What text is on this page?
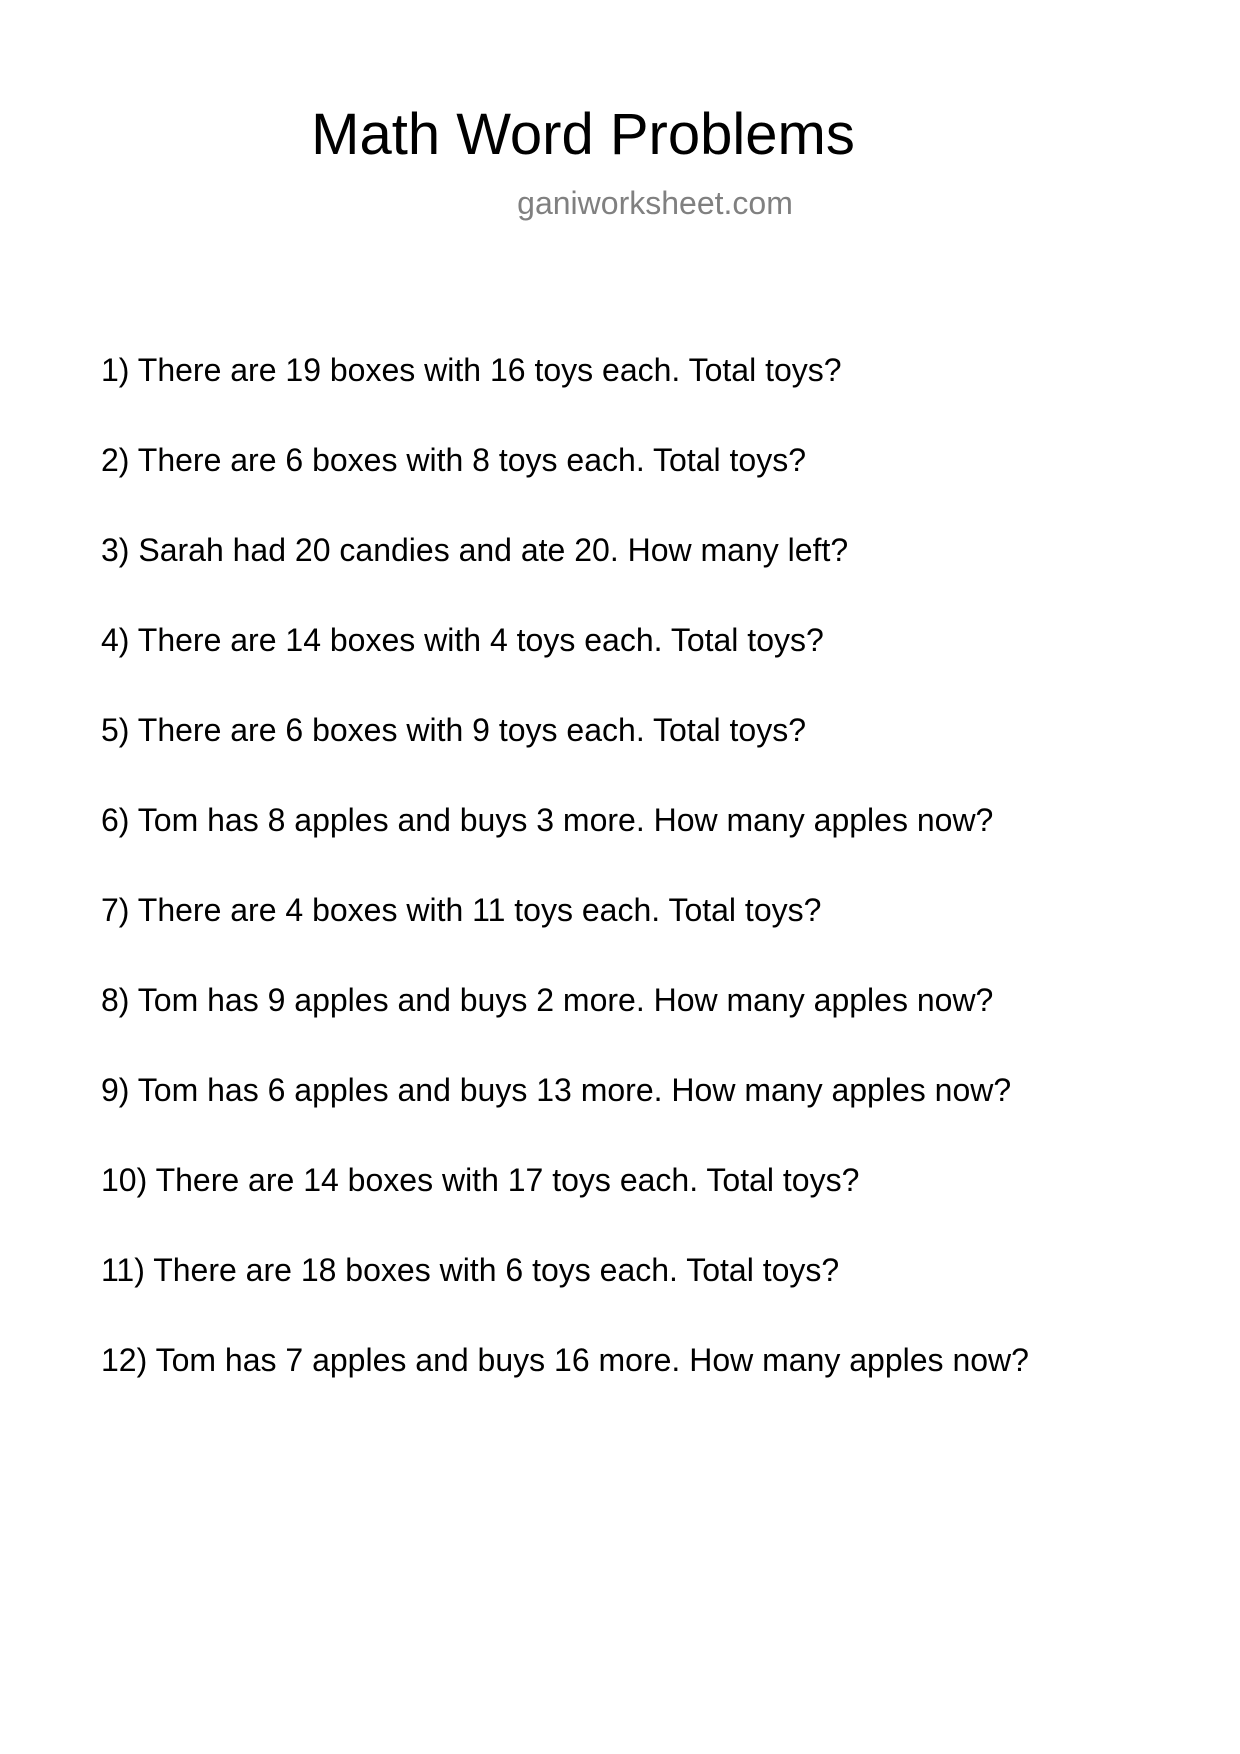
Math Word Problems
ganiworksheet.com
1) There are 19 boxes with 16 toys each. Total toys?
2) There are 6 boxes with 8 toys each. Total toys?
3) Sarah had 20 candies and ate 20. How many left?
4) There are 14 boxes with 4 toys each. Total toys?
5) There are 6 boxes with 9 toys each. Total toys?
6) Tom has 8 apples and buys 3 more. How many apples now?
7) There are 4 boxes with 11 toys each. Total toys?
8) Tom has 9 apples and buys 2 more. How many apples now?
9) Tom has 6 apples and buys 13 more. How many apples now?
10) There are 14 boxes with 17 toys each. Total toys?
11) There are 18 boxes with 6 toys each. Total toys?
12) Tom has 7 apples and buys 16 more. How many apples now?
